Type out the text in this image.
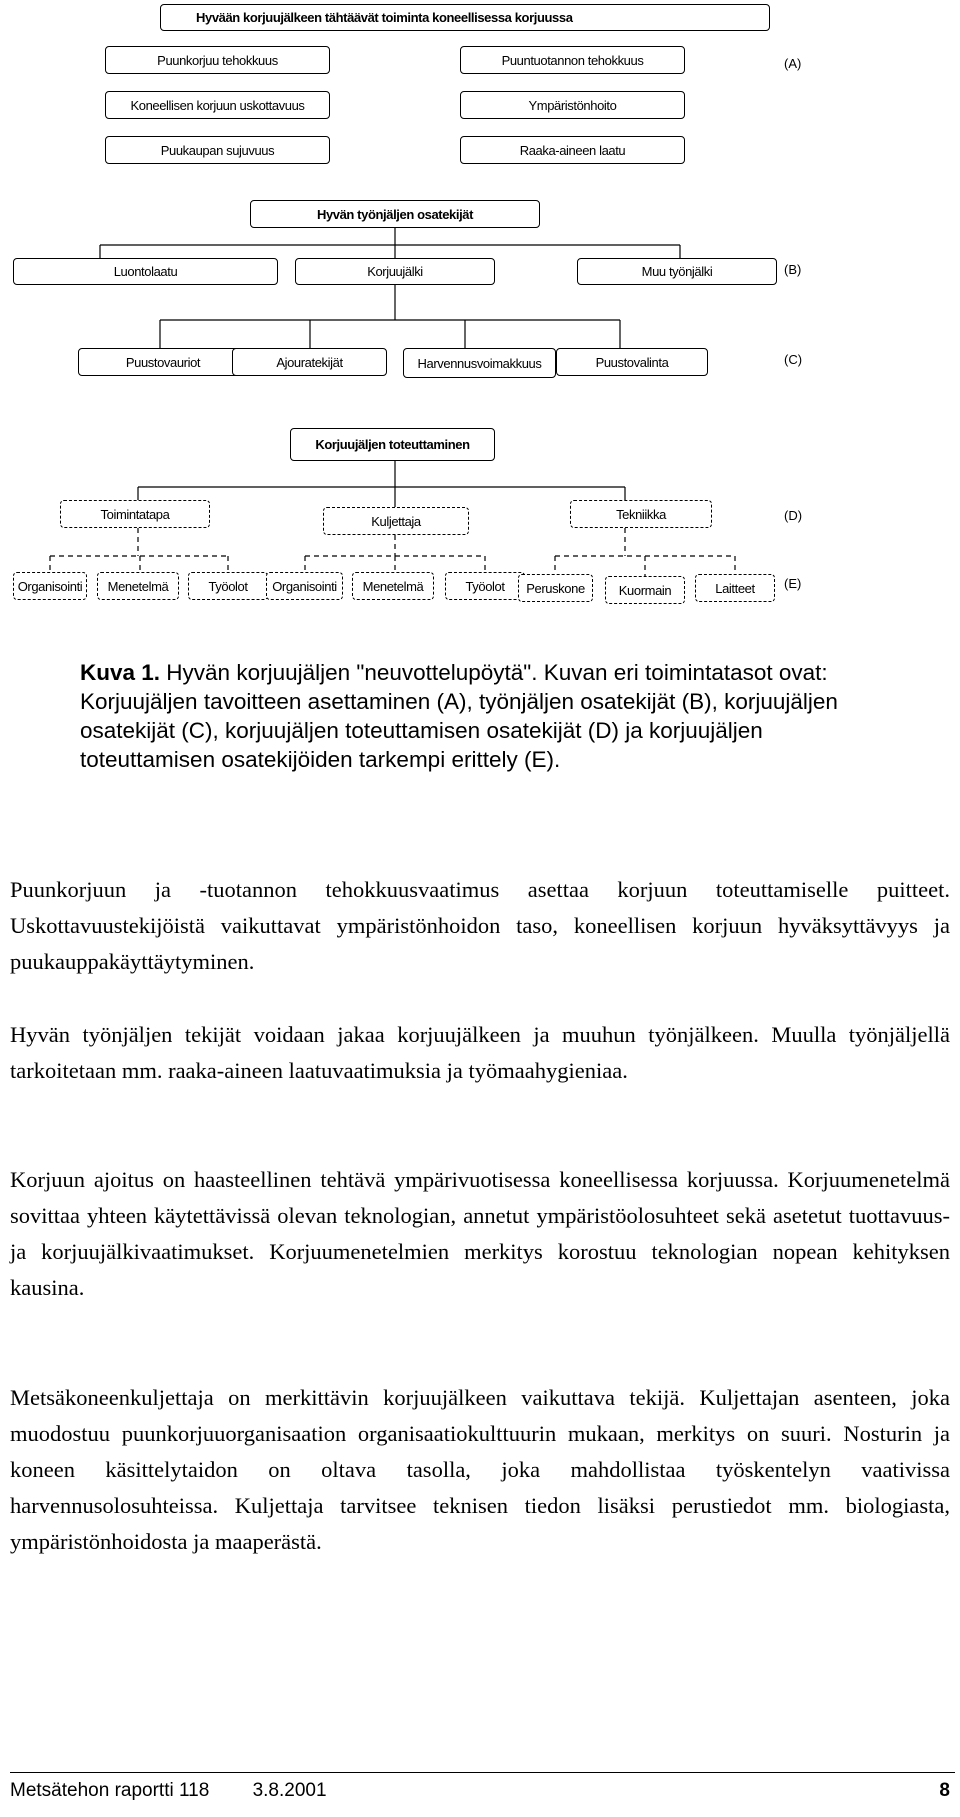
Hyvään korjuujälkeen tähtäävät toiminta koneellisessa korjuussa
Puunkorjuu tehokkuus
Koneellisen korjuun uskottavuus
Puukaupan sujuvuus
Puuntuotannon tehokkuus
Ympäristönhoito
Raaka-aineen laatu
(A)
Hyvän työnjäljen osatekijät
Luontolaatu	Korjuujälki	Muu työnjälki	(B)
Puustovauriot	Ajouratekijät	Harvennusvoimakkuus	Puustovalinta	(C)
Korjuujäljen toteuttaminen
Toimintatapa	Kuljettaja	Tekniikka	(D)
Organisointi	Menetelmä	Työolot	Organisointi	Menetelmä	Työolot	Peruskone	Kuormain	Laitteet	(E)

Kuva 1. Hyvän korjuujäljen "neuvottelupöytä". Kuvan eri toimintatasot ovat: Korjuujäljen tavoitteen asettaminen (A), työnjäljen osatekijät (B), korjuujäljen osatekijät (C), korjuujäljen toteuttamisen osatekijät (D) ja korjuujäljen toteuttamisen osatekijöiden tarkempi erittely (E).

Puunkorjuun ja -tuotannon tehokkuusvaatimus asettaa korjuun toteuttamiselle puitteet. Uskottavuustekijöistä vaikuttavat ympäristönhoidon taso, koneellisen korjuun hyväksyttävyys ja puukauppakäyttäytyminen.

Hyvän työnjäljen tekijät voidaan jakaa korjuujälkeen ja muuhun työnjälkeen. Muulla työnjäljellä tarkoitetaan mm. raaka-aineen laatuvaatimuksia ja työmaahygieniaa.

Korjuun ajoitus on haasteellinen tehtävä ympärivuotisessa koneellisessa korjuussa. Korjuumenetelmä sovittaa yhteen käytettävissä olevan teknologian, annetut ympäristöolosuhteet sekä asetetut tuottavuus- ja korjuujälkivaatimukset. Korjuumenetelmien merkitys korostuu teknologian nopean kehityksen kausina.

Metsäkoneenkuljettaja on merkittävin korjuujälkeen vaikuttava tekijä. Kuljettajan asenteen, joka muodostuu puunkorjuuorganisaation organisaatiokulttuurin mukaan, merkitys on suuri. Nosturin ja koneen käsittelytaidon on oltava tasolla, joka mahdollistaa työskentelyn vaativissa harvennusolosuhteissa. Kuljettaja tarvitsee teknisen tiedon lisäksi perustiedot mm. biologiasta, ympäristönhoidosta ja maaperästä.

Metsätehon raportti 118 3.8.2001	8
